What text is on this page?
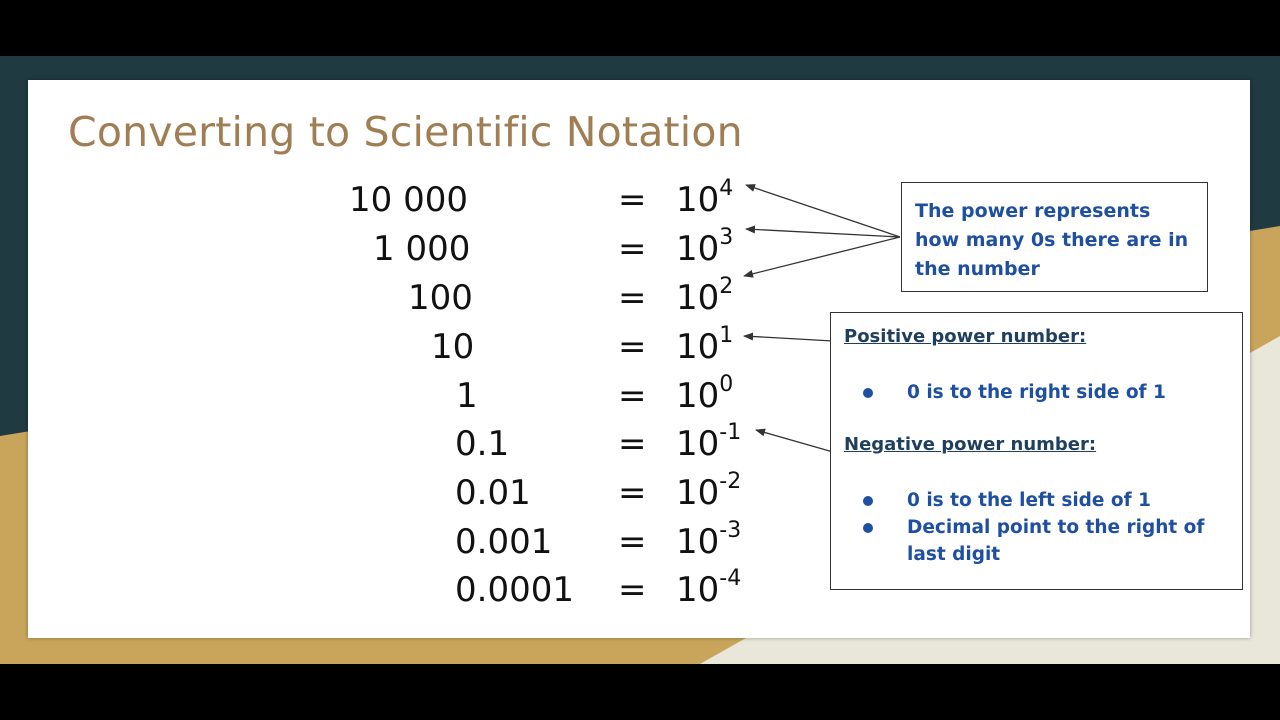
Converting to Scientific Notation
10 000	= $10^4$
1 000	= $10^3$
100	= $10^2$
10	= $10^1$
1	= $10^0$
0.1	= $10^{-1}$
0.01	= $10^{-2}$
$0.001 = 10^{-3}$
$0.0001 = 10^{-4}$

The power represents how many 0s there are in the number

Positive power number:
0 is to the right side of 1
Negative power number:
0 is to the left side of 1
Decimal point to the right of last digit
